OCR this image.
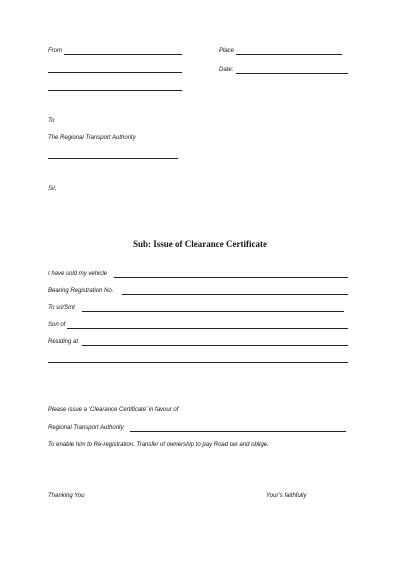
From	Place
Date:
To
The Regional Transport Authority
Sir,
Sub: Issue of Clearance Certificate
I have sold my vehicle
Bearing Registration No.
To sri/Smt
Son of
Residing at
Please issue a ‘Clearance Certificate’ in favour of
Regional Transport Authority
To enable him to Re-registration. Transfer of ownership to pay Road tax and oblige.
Thanking You	Your’s faithfully
